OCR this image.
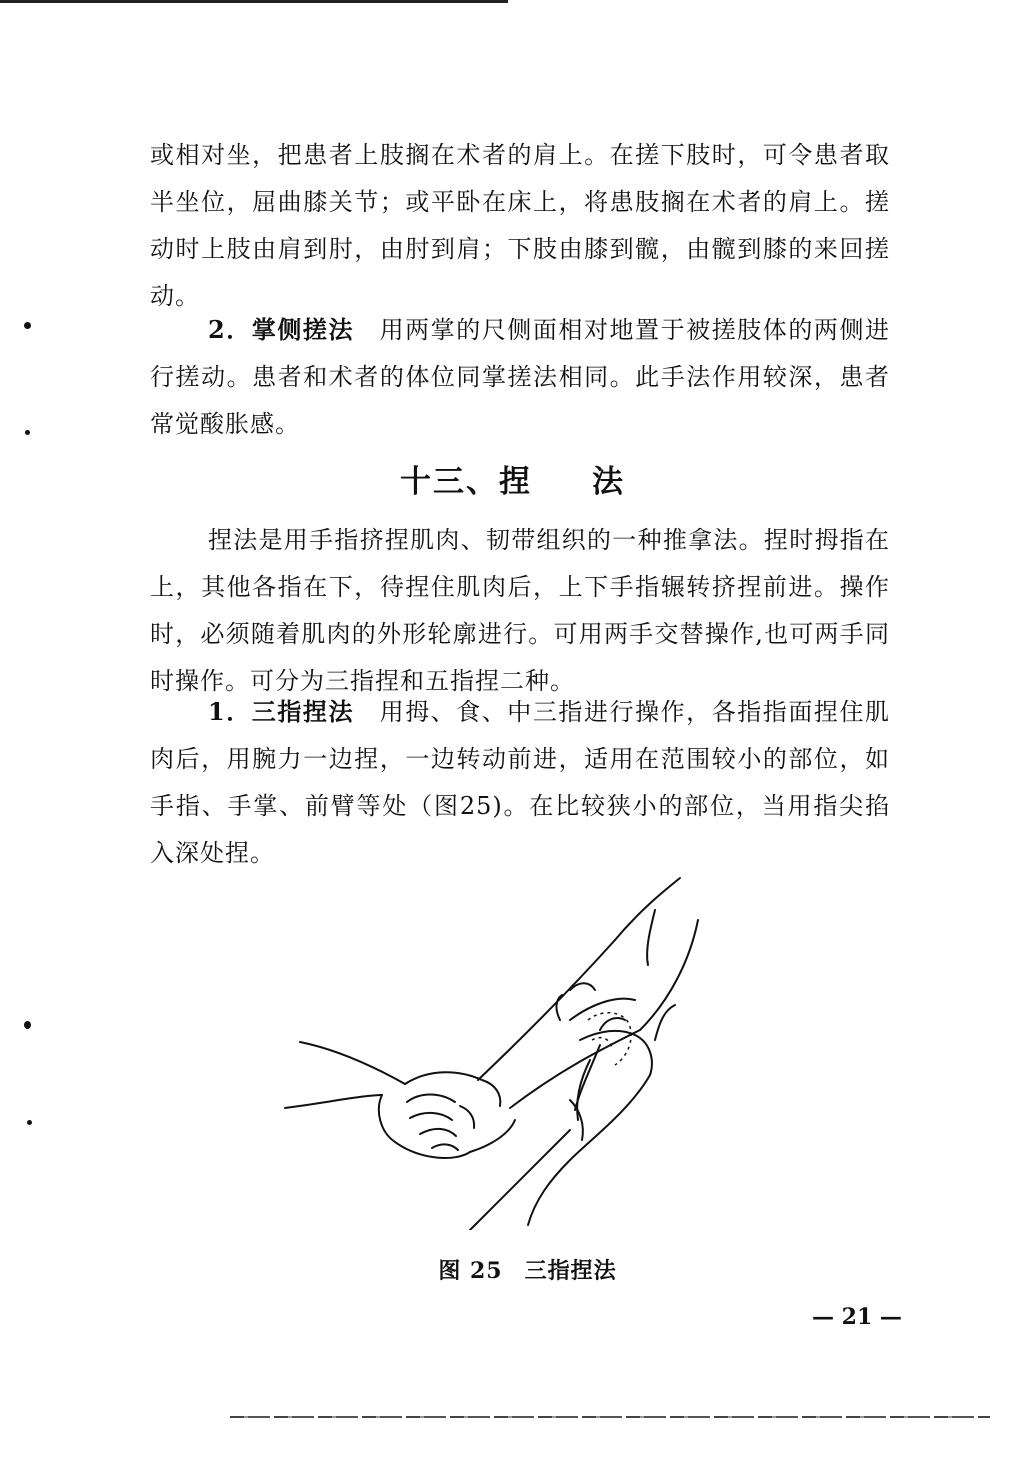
或相对坐，把患者上肢搁在术者的肩上。在搓下肢时，可令患者取半坐位，屈曲膝关节；或平卧在床上，将患肢搁在术者的肩上。搓动时上肢由肩到肘，由肘到肩；下肢由膝到髋，由髋到膝的来回搓动。

2．掌侧搓法　 用两掌的尺侧面相对地置于被搓肢体的两侧进行搓动。患者和术者的体位同掌搓法相同。此手法作用较深，患者常觉酸胀感。

十三、捏 法

捏法是用手指挤捏肌肉、韧带组织的一种推拿法。捏时拇指在上，其他各指在下，待捏住肌肉后，上下手指辗转挤捏前进。操作时，必须随着肌肉的外形轮廓进行。可用两手交替操作,也可两手同时操作。可分为三指捏和五指捏二种。

1．三指捏法　 用拇、食、中三指进行操作，各指指面捏住肌肉后，用腕力一边捏，一边转动前进，适用在范围较小的部位，如手指、手掌、前臂等处（图25)。在比较狭小的部位，当用指尖掐入深处捏。

图 25 三指捏法
— 21 —
